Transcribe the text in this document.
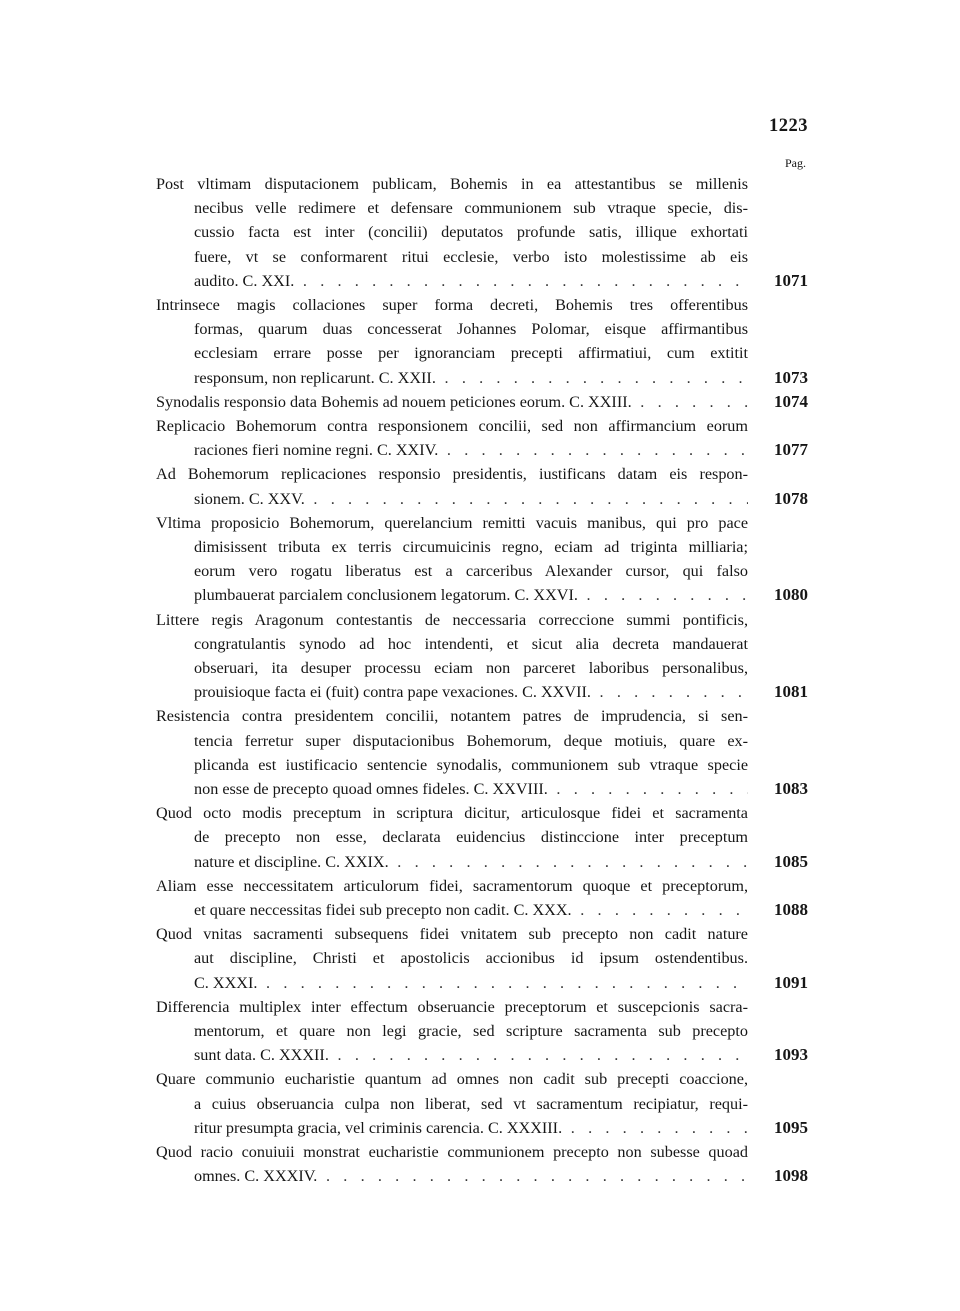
1223
Pag.
Post vltimam disputacionem publicam, Bohemis in ea attestantibus se millenis
necibus velle redimere et defensare communionem sub vtraque specie, dis-
cussio facta est inter (concilii) deputatos profunde satis, illique exhortati
fuere, vt se conformarent ritui ecclesie, verbo isto molestissime ab eis
audito. C. XXI. . . .	1071
Intrinsece magis collaciones super forma decreti, Bohemis tres offerentibus
formas, quarum duas concesserat Johannes Polomar, eisque affirmantibus
ecclesiam errare posse per ignoranciam precepti affirmatiui, cum extitit
responsum, non replicarunt. C. XXII. . . .	1073
Synodalis responsio data Bohemis ad nouem peticiones eorum. C. XXIII. . . .	1074
Replicacio Bohemorum contra responsionem concilii, sed non affirmancium eorum
raciones fieri nomine regni. C. XXIV. . . .	1077
Ad Bohemorum replicaciones responsio presidentis, iustificans datam eis respon-
sionem. C. XXV. . . .	1078
Vltima proposicio Bohemorum, querelancium remitti vacuis manibus, qui pro pace
dimisissent tributa ex terris circumuicinis regno, eciam ad triginta milliaria;
eorum vero rogatu liberatus est a carceribus Alexander cursor, qui falso
plumbauerat parcialem conclusionem legatorum. C. XXVI. . . .	1080
Littere regis Aragonum contestantis de neccessaria correccione summi pontificis,
congratulantis synodo ad hoc intendenti, et sicut alia decreta mandauerat
obseruari, ita desuper processu eciam non parceret laboribus personalibus,
prouisioque facta ei (fuit) contra pape vexaciones. C. XXVII. . . .	1081
Resistencia contra presidentem concilii, notantem patres de imprudencia, si sen-
tencia ferretur super disputacionibus Bohemorum, deque motiuis, quare ex-
plicanda est iustificacio sentencie synodalis, communionem sub vtraque specie
non esse de precepto quoad omnes fideles. C. XXVIII. . . .	1083
Quod octo modis preceptum in scriptura dicitur, articulosque fidei et sacramenta
de precepto non esse, declarata euidencius distinccione inter preceptum
nature et discipline. C. XXIX. . . .	1085
Aliam esse neccessitatem articulorum fidei, sacramentorum quoque et preceptorum,
et quare neccessitas fidei sub precepto non cadit. C. XXX. . . .	1088
Quod vnitas sacramenti subsequens fidei vnitatem sub precepto non cadit nature
aut discipline, Christi et apostolicis accionibus id ipsum ostendentibus.
C. XXXI. . . .	1091
Differencia multiplex inter effectum obseruancie preceptorum et suscepcionis sacra-
mentorum, et quare non legi gracie, sed scripture sacramenta sub precepto
sunt data. C. XXXII. . . .	1093
Quare communio eucharistie quantum ad omnes non cadit sub precepti coaccione,
a cuius obseruancia culpa non liberat, sed vt sacramentum recipiatur, requi-
ritur presumpta gracia, vel criminis carencia. C. XXXIII. . . .	1095
Quod racio conuiuii monstrat eucharistie communionem precepto non subesse quoad
omnes. C. XXXIV. . . .	1098
